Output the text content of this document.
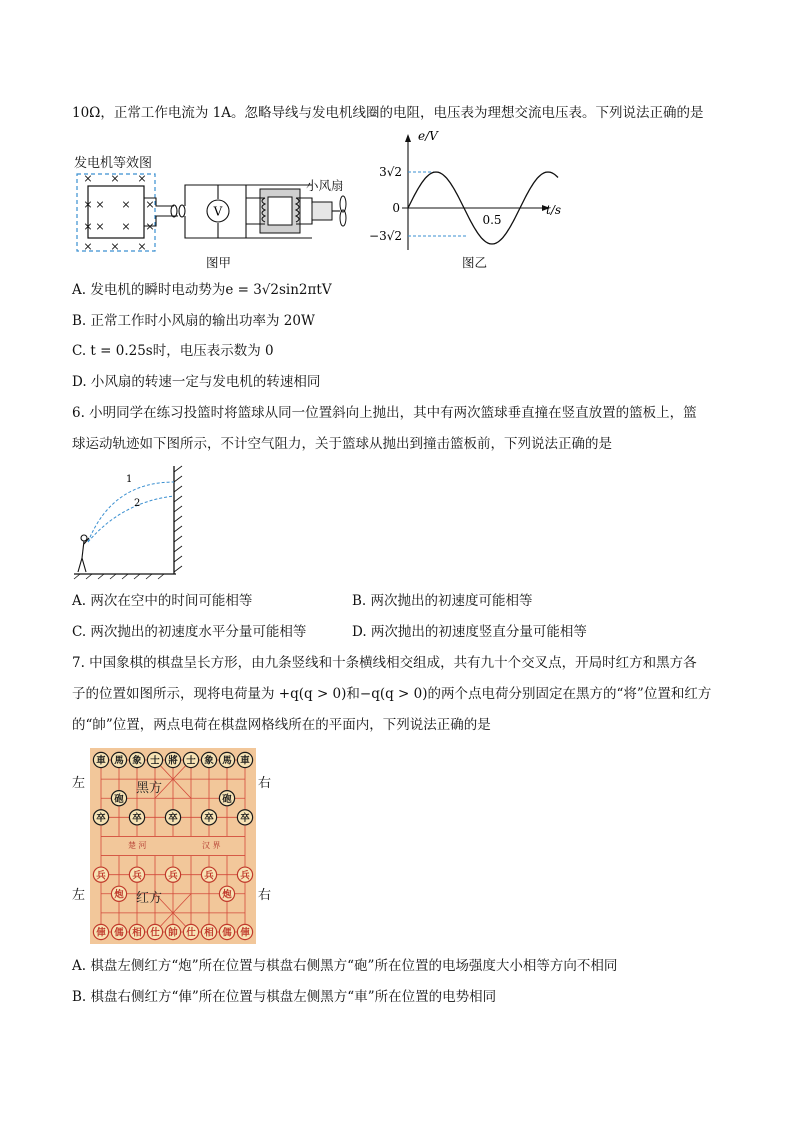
10Ω，正常工作电流为 1A。忽略导线与发电机线圈的电阻，电压表为理想交流电压表。下列说法正确的是
发电机等效图
× × ×
× ×
×
× ×
×
× × ×
×
×
V
小风扇
图甲
e/V
t/s
3√2
−3√2
0
0.5
图乙
A. 发电机的瞬时电动势为e = 3√2sin2πtV
B. 正常工作时小风扇的输出功率为 20W
C. t = 0.25s时，电压表示数为 0
D. 小风扇的转速一定与发电机的转速相同
6. 小明同学在练习投篮时将篮球从同一位置斜向上抛出，其中有两次篮球垂直撞在竖直放置的篮板上，篮
球运动轨迹如下图所示，不计空气阻力，关于篮球从抛出到撞击篮板前，下列说法正确的是
1
2
A. 两次在空中的时间可能相等	B. 两次抛出的初速度可能相等
C. 两次抛出的初速度水平分量可能相等	D. 两次抛出的初速度竖直分量可能相等
7. 中国象棋的棋盘呈长方形，由九条竖线和十条横线相交组成，共有九十个交叉点，开局时红方和黑方各
子的位置如图所示，现将电荷量为 +q(q > 0)和−q(q > 0)的两个点电荷分别固定在黑方的“将”位置和红方
的“帥”位置，两点电荷在棋盘网格线所在的平面内，下列说法正确的是
左
左
右
右
楚 河	汉 界
黑方
红方
車 馬 象 士 將 士 象 馬 車
砲	砲
卒	卒	卒	卒	卒
兵	兵	兵	兵	兵
炮	炮
俥 傌 相 仕 帥 仕 相 傌 俥
A. 棋盘左侧红方“炮”所在位置与棋盘右侧黑方“砲”所在位置的电场强度大小相等方向不相同
B. 棋盘右侧红方“俥”所在位置与棋盘左侧黑方“車”所在位置的电势相同
